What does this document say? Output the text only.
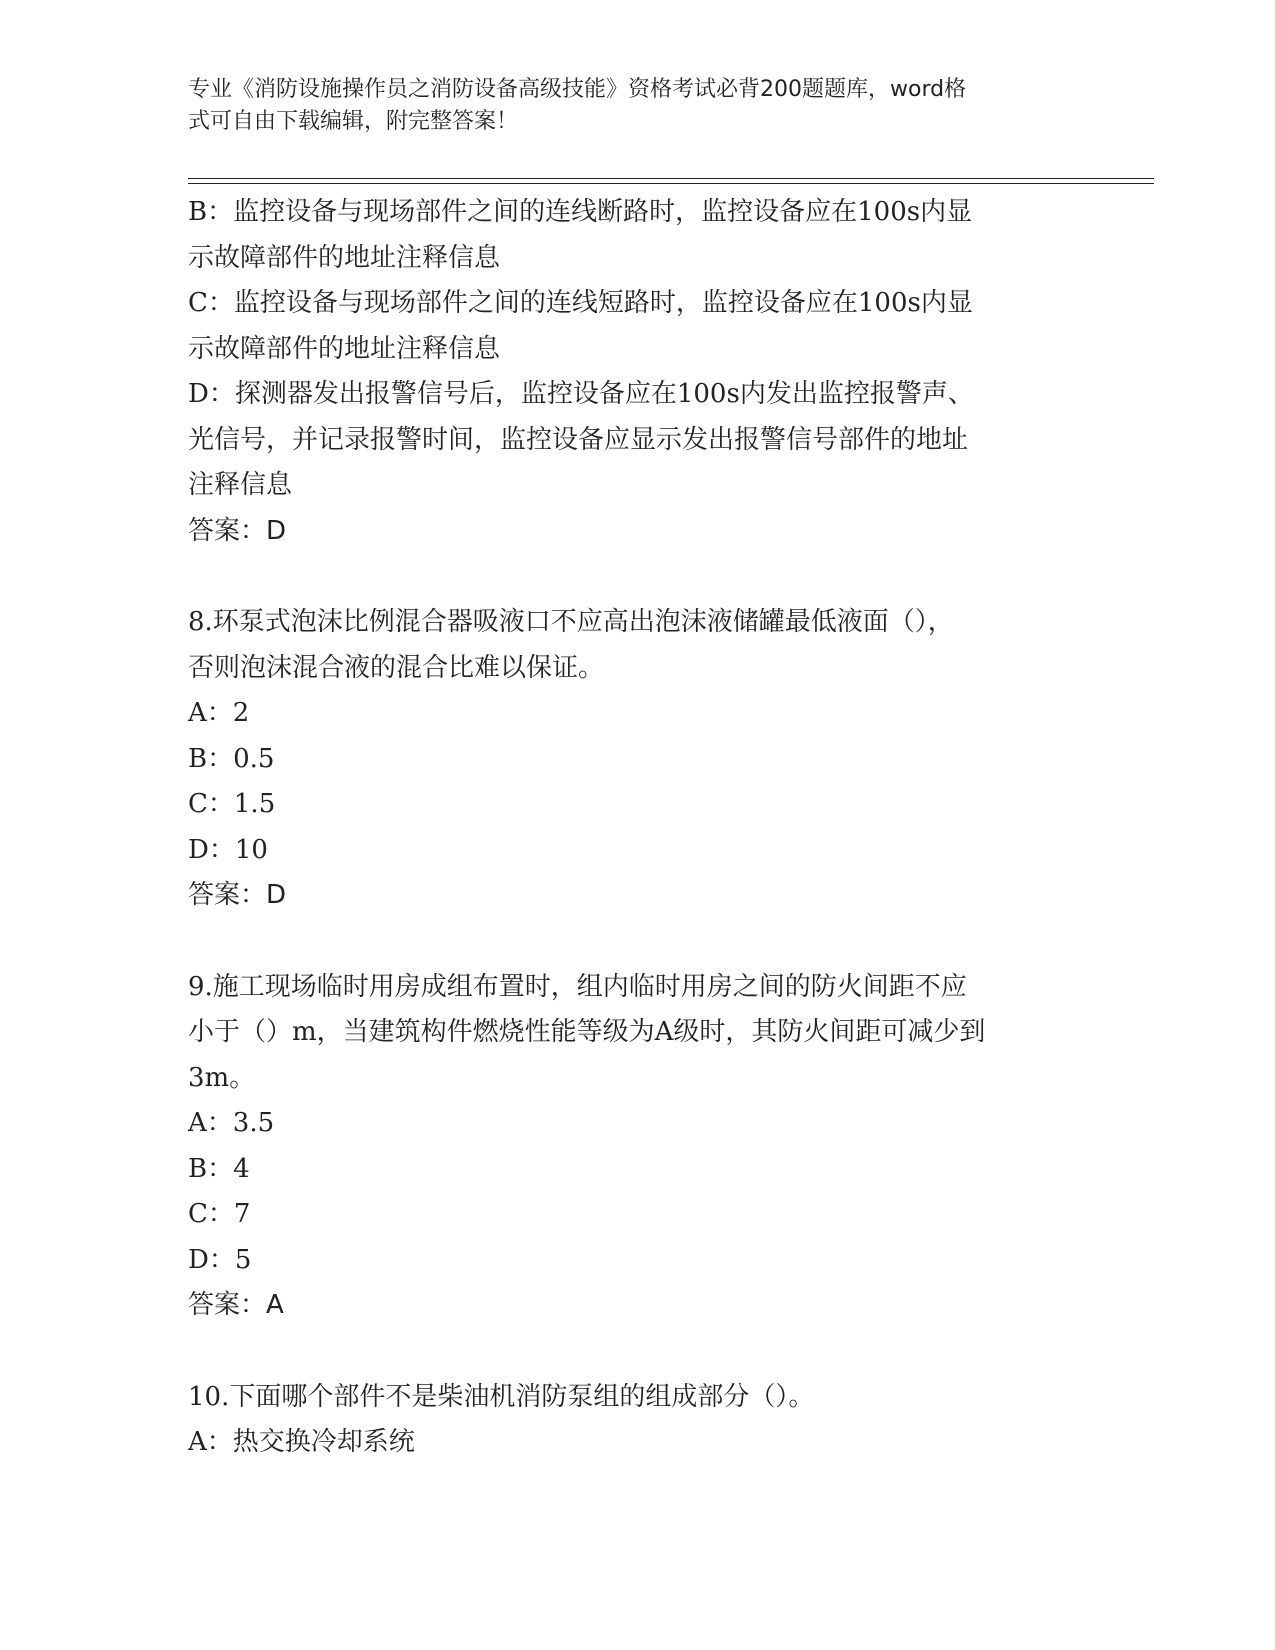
专业《消防设施操作员之消防设备高级技能》资格考试必背200题题库，word格
式可自由下载编辑，附完整答案！

B：监控设备与现场部件之间的连线断路时，监控设备应在100s内显

示故障部件的地址注释信息

C：监控设备与现场部件之间的连线短路时，监控设备应在100s内显

示故障部件的地址注释信息

D：探测器发出报警信号后，监控设备应在100s内发出监控报警声、

光信号，并记录报警时间，监控设备应显示发出报警信号部件的地址

注释信息

答案：D

8.环泵式泡沫比例混合器吸液口不应高出泡沫液储罐最低液面（），

否则泡沫混合液的混合比难以保证。

A：2

B：0.5

C：1.5

D：10

答案：D

9.施工现场临时用房成组布置时，组内临时用房之间的防火间距不应

小于（）m，当建筑构件燃烧性能等级为A级时，其防火间距可减少到

3m。

A：3.5

B：4

C：7

D：5

答案：A

10.下面哪个部件不是柴油机消防泵组的组成部分（）。

A：热交换冷却系统
